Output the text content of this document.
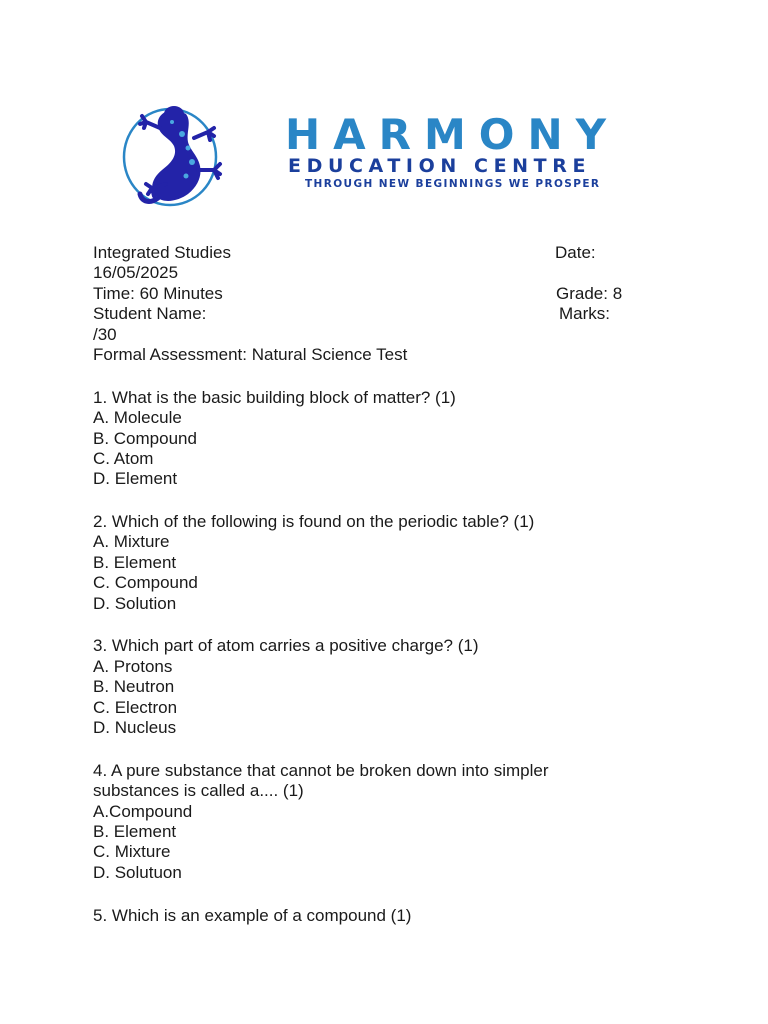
HARMONY
EDUCATION CENTRE
THROUGH NEW BEGINNINGS WE PROSPER
Integrated Studies	Date:
16/05/2025
Time: 60 Minutes	Grade: 8
Student Name:	Marks:
/30
Formal Assessment: Natural Science Test
1. What is the basic building block of matter? (1)
A. Molecule
B. Compound
C. Atom
D. Element
2. Which of the following is found on the periodic table? (1)
A. Mixture
B. Element
C. Compound
D. Solution
3. Which part of atom carries a positive charge? (1)
A. Protons
B. Neutron
C. Electron
D. Nucleus
4. A pure substance that cannot be broken down into simpler substances is called a.... (1)
A.Compound
B. Element
C. Mixture
D. Solutuon
5. Which is an example of a compound (1)
